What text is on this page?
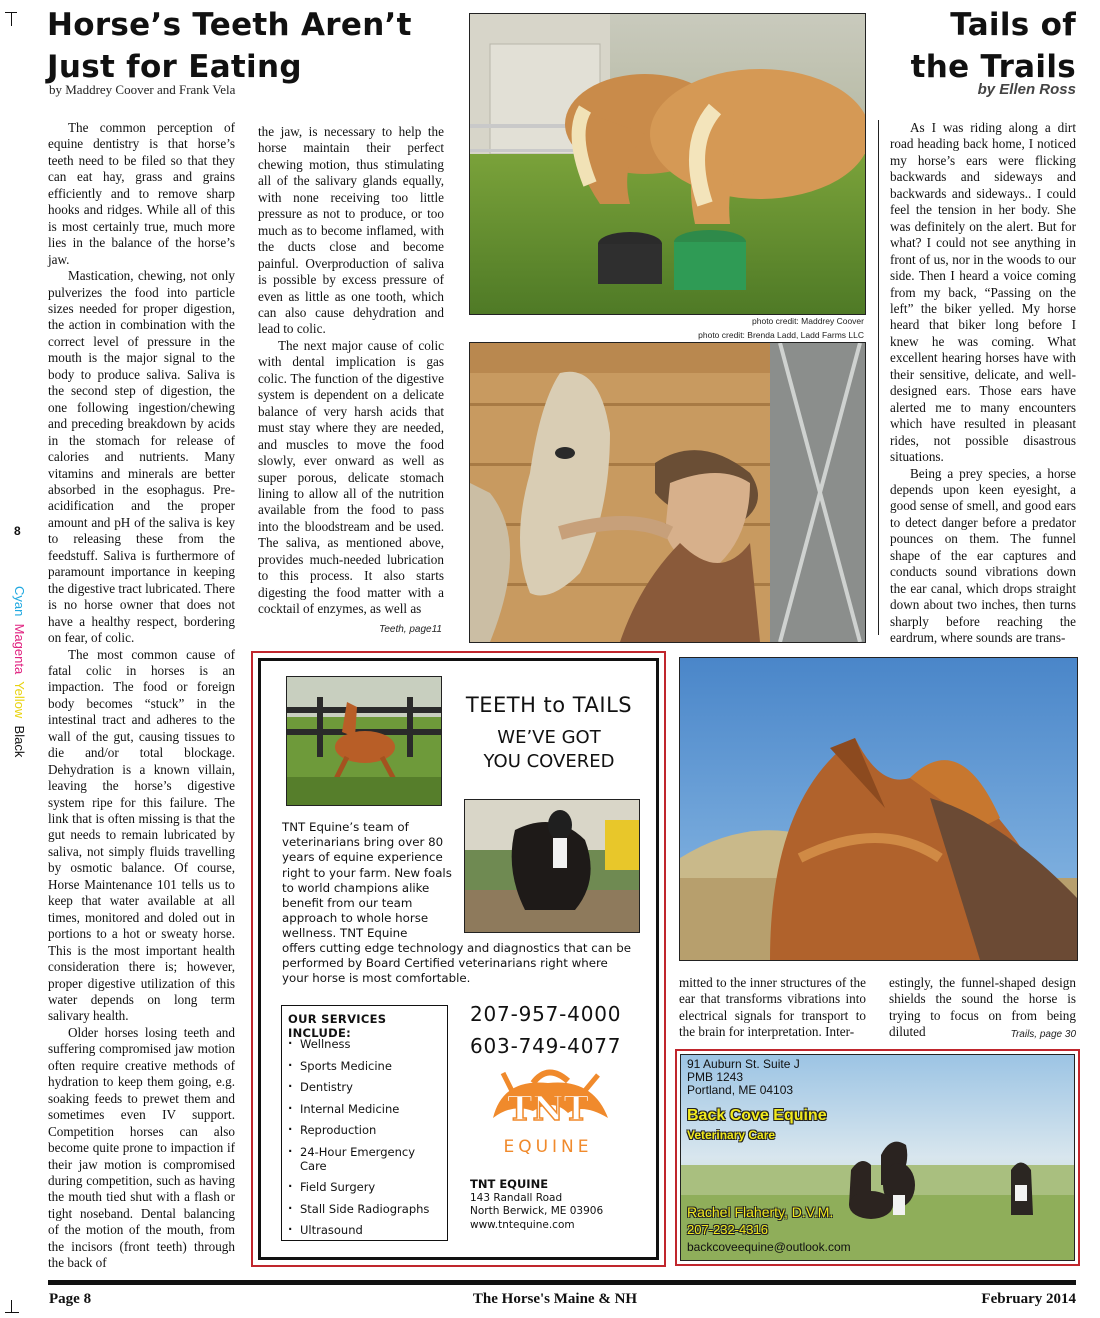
8
Cyan  Magenta  Yellow  Black
Horse’s Teeth Aren’t
Just for Eating
by Maddrey Coover and Frank Vela

The common perception of equine dentistry is that horse’s teeth need to be filed so that they can eat hay, grass and grains efficiently and to remove sharp hooks and ridges. While all of this is most certainly true, much more lies in the balance of the horse’s jaw.

Mastication, chewing, not only pulverizes the food into particle sizes needed for proper digestion, the action in combination with the correct level of pressure in the mouth is the major signal to the body to produce saliva. Saliva is the second step of digestion, the one following ingestion/chewing and preceding breakdown by acids in the stomach for release of calories and nutrients. Many vitamins and minerals are better absorbed in the esophagus. Pre-acidification and the proper amount and pH of the saliva is key to releasing these from the feedstuff. Saliva is furthermore of paramount importance in keeping the digestive tract lubricated. There is no horse owner that does not have a healthy respect, bordering on fear, of colic.

The most common cause of fatal colic in horses is an impaction. The food or foreign body becomes “stuck” in the intestinal tract and adheres to the wall of the gut, causing tissues to die and/or total blockage. Dehydration is a known villain, leaving the horse’s digestive system ripe for this failure. The link that is often missing is that the gut needs to remain lubricated by saliva, not simply fluids travelling by osmotic balance. Of course, Horse Maintenance 101 tells us to keep that water available at all times, monitored and doled out in portions to a hot or sweaty horse. This is the most important health consideration there is; however, proper digestive utilization of this water depends on long term salivary health.

Older horses losing teeth and suffering compromised jaw motion often require creative methods of hydration to keep them going, e.g. soaking feeds to prewet them and sometimes even IV support. Competition horses can also become quite prone to impaction if their jaw motion is compromised during competition, such as having the mouth tied shut with a flash or tight noseband. Dental balancing of the motion of the mouth, from the incisors (front teeth) through the back of

the jaw, is necessary to help the horse maintain their perfect chewing motion, thus stimulating all of the salivary glands equally, with none receiving too little pressure as not to produce, or too much as to become inflamed, with the ducts close and become painful. Overproduction of saliva is possible by excess pressure of even as little as one tooth, which can also cause dehydration and lead to colic.

The next major cause of colic with dental implication is gas colic. The function of the digestive system is dependent on a delicate balance of very harsh acids that must stay where they are needed, and muscles to move the food slowly, ever onward as well as super porous, delicate stomach lining to allow all of the nutrition available from the food to pass into the bloodstream and be used. The saliva, as mentioned above, provides much-needed lubrication to this process. It also starts digesting the food matter with a cocktail of enzymes, as well as

Teeth, page11
photo credit: Maddrey Coover
photo credit: Brenda Ladd, Ladd Farms LLC
Tails of
the Trails
by Ellen Ross

As I was riding along a dirt road heading back home, I noticed my horse’s ears were flicking backwards and sideways and backwards and sideways.. I could feel the tension in her body. She was definitely on the alert. But for what? I could not see anything in front of us, nor in the woods to our side. Then I heard a voice coming from my back, “Passing on the left” the biker yelled. My horse heard that biker long before I knew he was coming. What excellent hearing horses have with their sensitive, delicate, and well-designed ears. Those ears have alerted me to many encounters which have resulted in pleasant rides, not possible disastrous situations.

Being a prey species, a horse depends upon keen eyesight, a good sense of smell, and good ears to detect danger before a predator pounces on them. The funnel shape of the ear captures and conducts sound vibrations down the ear canal, which drops straight down about two inches, then turns sharply before reaching the eardrum, where sounds are trans-

mitted to the inner structures of the ear that transforms vibrations into electrical signals for transport to the brain for interpretation. Inter-

estingly, the funnel-shaped design shields the sound the horse is trying to focus on from being diluted	Trails, page 30
TEETH to TAILS
WE’VE GOT
YOU COVERED
TNT Equine’s team of veterinarians bring over 80 years of equine experience right to your farm. New foals to world champions alike benefit from our team approach to whole horse wellness. TNT Equine
offers cutting edge technology and diagnostics that can be performed by Board Certified veterinarians right where your horse is most comfortable.
OUR SERVICES INCLUDE:
· Wellness
· Sports Medicine
· Dentistry
· Internal Medicine
· Reproduction
· 24-Hour Emergency Care
· Field Surgery
· Stall Side Radiographs
· Ultrasound
207-957-4000
603-749-4077
TNT
EQUINE
TNT EQUINE
143 Randall Road
North Berwick, ME 03906
www.tntequine.com
91 Auburn St. Suite J
PMB 1243
Portland, ME 04103
Back Cove Equine
Veterinary Care
Rachel Flaherty, D.V.M.
207-232-4316
backcoveequine@outlook.com
Page 8	The Horse's Maine & NH	February 2014
